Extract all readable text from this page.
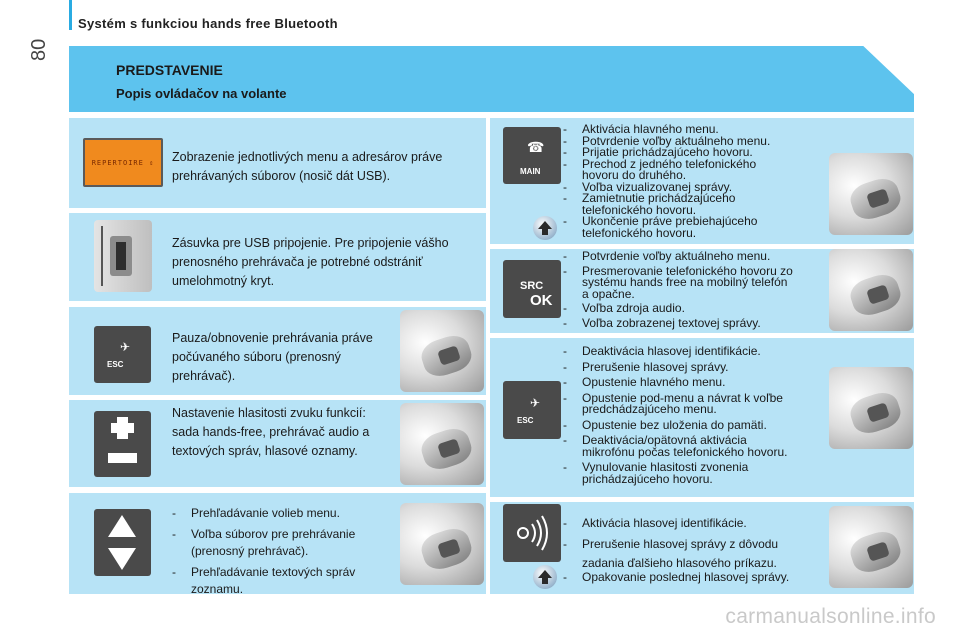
80
Systém s funkciou hands free Bluetooth
PREDSTAVENIE
Popis ovládačov na volante
REPERTOIRE
⇕ Zobrazenie jednotlivých menu a adresárov práve
prehrávaných súborov (nosič dát USB).
Zásuvka pre USB pripojenie. Pre pripojenie vášho
prenosného prehrávača je potrebné odstrániť
umelohmotný kryt.
✈
ESC
Pauza/obnovenie prehrávania práve
počúvaného súboru (prenosný
prehrávač).
Nastavenie hlasitosti zvuku funkcií:
sada hands-free, prehrávač audio a
textových správ, hlasové oznamy.
- Prehľadávanie volieb menu.
- Voľba súborov pre prehrávanie
(prenosný prehrávač).
- Prehľadávanie textových správ
zoznamu.
☎
MAIN
- Aktivácia hlavného menu.
- Potvrdenie voľby aktuálneho menu.
- Prijatie prichádzajúceho hovoru.
- Prechod z jedného telefonického
hovoru do druhého.
- Voľba vizualizovanej správy.
- Zamietnutie prichádzajúceho
telefonického hovoru.
- Ukončenie práve prebiehajúceho
telefonického hovoru.
SRC
OK
- Potvrdenie voľby aktuálneho menu.
- Presmerovanie telefonického hovoru zo
systému hands free na mobilný telefón
a opačne.
- Voľba zdroja audio.
- Voľba zobrazenej textovej správy.
✈
ESC
- Deaktivácia hlasovej identifikácie.
- Prerušenie hlasovej správy.
- Opustenie hlavného menu.
- Opustenie pod-menu a návrat k voľbe
predchádzajúceho menu.
- Opustenie bez uloženia do pamäti.
- Deaktivácia/opätovná aktivácia
mikrofónu počas telefonického hovoru.
- Vynulovanie hlasitosti zvonenia
prichádzajúceho hovoru.
- Aktivácia hlasovej identifikácie.
- Prerušenie hlasovej správy z dôvodu
zadania ďalšieho hlasového príkazu.
- Opakovanie poslednej hlasovej správy.
carmanualsonline.info
